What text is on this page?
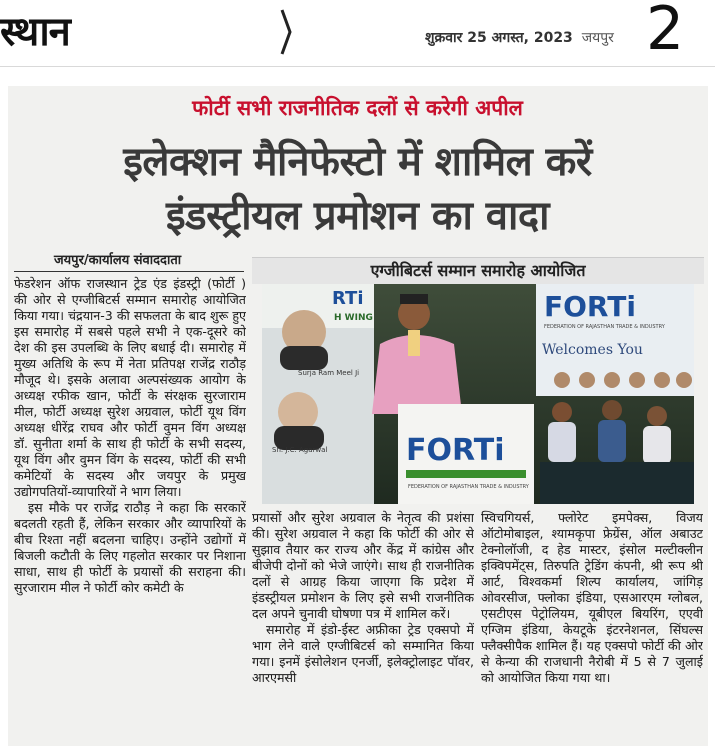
स्थान	शुक्रवार 25 अगस्त, 2023 जयपुर 2
फोर्टी सभी राजनीतिक दलों से करेगी अपील
इलेक्शन मैनिफेस्टो में शामिल करें
इंडस्ट्रीयल प्रमोशन का वादा
जयपुर/कार्यालय संवाददाता

फेडरेशन ऑफ राजस्थान ट्रेड एंड इंडस्ट्री (फोर्टी ) की ओर से एग्जीबिटर्स सम्मान समारोह आयोजित किया गया। चंद्रयान-3 की सफलता के बाद शुरू हुए इस समारोह में सबसे पहले सभी ने एक-दूसरे को देश की इस उपलब्धि के लिए बधाई दी। समारोह में मुख्य अतिथि के रूप में नेता प्रतिपक्ष राजेंद्र राठौड़ मौजूद थे। इसके अलावा अल्पसंख्यक आयोग के अध्यक्ष रफीक खान, फोर्टी के संरक्षक सुरजाराम मील, फोर्टी अध्यक्ष सुरेश अग्रवाल, फोर्टी यूथ विंग अध्यक्ष धीरेंद्र राघव और फोर्टी वुमन विंग अध्यक्ष डॉ. सुनीता शर्मा के साथ ही फोर्टी के सभी सदस्य, यूथ विंग और वुमन विंग के सदस्य, फोर्टी की सभी कमेटियों के सदस्य और जयपुर के प्रमुख उद्योगपतियों-व्यापारियों ने भाग लिया।

इस मौके पर राजेंद्र राठौड़ ने कहा कि सरकारें बदलती रहती हैं, लेकिन सरकार और व्यापारियों के बीच रिश्ता नहीं बदलना चाहिए। उन्होंने उद्योगों में बिजली कटौती के लिए गहलोत सरकार पर निशाना साधा, साथ ही फोर्टी के प्रयासों की सराहना की। सुरजाराम मील ने फोर्टी कोर कमेटी के

एग्जीबिटर्स सम्मान समारोह आयोजित
RTi
H WING
Surja Ram Meel Ji
Sh. J.C. Agarwal	FORTi
FEDERATION OF RAJASTHAN TRADE & INDUSTRY
FORTi
FEDERATION OF RAJASTHAN TRADE & INDUSTRY
Welcomes You

प्रयासों और सुरेश अग्रवाल के नेतृत्व की प्रशंसा की। सुरेश अग्रवाल ने कहा कि फोर्टी की ओर से सुझाव तैयार कर राज्य और केंद्र में कांग्रेस और बीजेपी दोनों को भेजे जाएंगे। साथ ही राजनीतिक दलों से आग्रह किया जाएगा कि प्रदेश में इंडस्ट्रीयल प्रमोशन के लिए इसे सभी राजनीतिक दल अपने चुनावी घोषणा पत्र में शामिल करें।

समारोह में इंडो-ईस्ट अफ्रीका ट्रेड एक्सपो में भाग लेने वाले एग्जीबिटर्स को सम्मानित किया गया। इनमें इंसोलेशन एनर्जी, इलेक्ट्रोलाइट पॉवर, आरएमसी

स्विचगियर्स, फ्लोरेट इमपेक्स, विजय ऑटोमोबाइल, श्यामकृपा फ्रेग्रेंस, ऑल अबाउट टेक्नोलॉजी, द हेड मास्टर, इंसोल मल्टीक्लीन इक्विपमेंट्स, तिरुपति ट्रेडिंग कंपनी, श्री रूप श्री आर्ट, विश्वकर्मा शिल्प कार्यालय, जांगिड़ ओवरसीज, फ्लोका इंडिया, एसआरएम ग्लोबल, एसटीएस पेट्रोलियम, यूबीएल बियरिंग, एएवी एग्जिम इंडिया, केयटूके इंटरनेशनल, सिंघल्स फ्लैक्सीपैक शामिल हैं। यह एक्सपो फोर्टी की ओर से केन्या की राजधानी नैरोबी में 5 से 7 जुलाई को आयोजित किया गया था।
